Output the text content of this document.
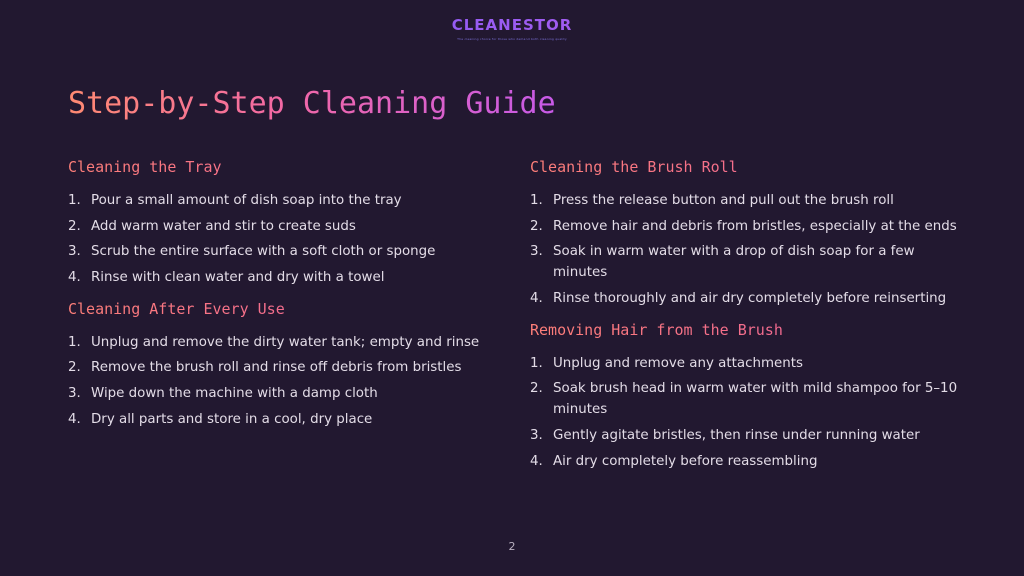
CLEANESTOR
The cleaning choice for those who demand both cleaning quality
Step-by-Step Cleaning Guide
Cleaning the Tray
1. Pour a small amount of dish soap into the tray
2. Add warm water and stir to create suds
3. Scrub the entire surface with a soft cloth or sponge
4. Rinse with clean water and dry with a towel
Cleaning After Every Use
1. Unplug and remove the dirty water tank; empty and rinse
2. Remove the brush roll and rinse off debris from bristles
3. Wipe down the machine with a damp cloth
4. Dry all parts and store in a cool, dry place
Cleaning the Brush Roll
1. Press the release button and pull out the brush roll
2. Remove hair and debris from bristles, especially at the ends
3. Soak in warm water with a drop of dish soap for a few minutes
4. Rinse thoroughly and air dry completely before reinserting
Removing Hair from the Brush
1. Unplug and remove any attachments
2. Soak brush head in warm water with mild shampoo for 5–10 minutes
3. Gently agitate bristles, then rinse under running water
4. Air dry completely before reassembling
2
